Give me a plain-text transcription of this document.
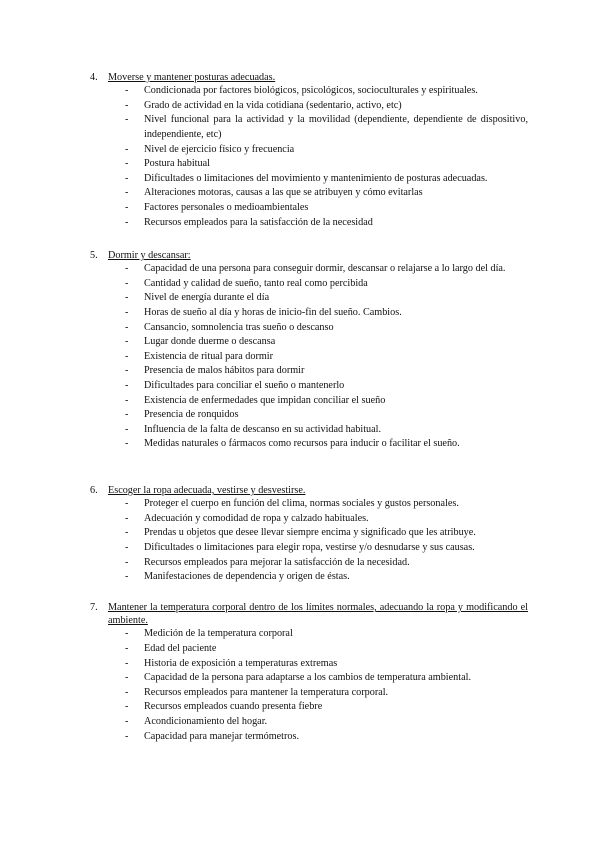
4.	Moverse y mantener posturas adecuadas.
-	Condicionada por factores biológicos, psicológicos, socioculturales y espirituales.
-	Grado de actividad en la vida cotidiana (sedentario, activo, etc)
-	Nivel funcional para la actividad y la movilidad (dependiente, dependiente de dispositivo, independiente, etc)
-	Nivel de ejercicio físico y frecuencia
-	Postura habitual
-	Dificultades o limitaciones del movimiento y mantenimiento de posturas adecuadas.
-	Alteraciones motoras, causas a las que se atribuyen y cómo evitarlas
-	Factores personales o medioambientales
-	Recursos empleados para la satisfacción de la necesidad
5.	Dormir y descansar:
-	Capacidad de una persona para conseguir dormir, descansar o relajarse a lo largo del día.
-	Cantidad y calidad de sueño, tanto real como percibida
-	Nivel de energía durante el día
-	Horas de sueño al día y horas de inicio-fin del sueño. Cambios.
-	Cansancio, somnolencia tras sueño o descanso
-	Lugar donde duerme o descansa
-	Existencia de ritual para dormir
-	Presencia de malos hábitos para dormir
-	Dificultades para conciliar el sueño o mantenerlo
-	Existencia de enfermedades que impidan conciliar el sueño
-	Presencia de ronquidos
-	Influencia de la falta de descanso en su actividad habitual.
-	Medidas naturales o fármacos como recursos para inducir o facilitar el sueño.
6.	Escoger la ropa adecuada, vestirse y desvestirse.
-	Proteger el cuerpo en función del clima, normas sociales y gustos personales.
-	Adecuación y comodidad de ropa y calzado habituales.
-	Prendas u objetos que desee llevar siempre encima y significado que les atribuye.
-	Dificultades o limitaciones para elegir ropa, vestirse y/o desnudarse y sus causas.
-	Recursos empleados para mejorar la satisfacción de la necesidad.
-	Manifestaciones de dependencia y origen de éstas.
7.	Mantener la temperatura corporal dentro de los límites normales, adecuando la ropa y modificando el ambiente.
-	Medición de la temperatura corporal
-	Edad del paciente
-	Historia de exposición a temperaturas extremas
-	Capacidad de la persona para adaptarse a los cambios de temperatura ambiental.
-	Recursos empleados para mantener la temperatura corporal.
-	Recursos empleados cuando presenta fiebre
-	Acondicionamiento del hogar.
-	Capacidad para manejar termómetros.
